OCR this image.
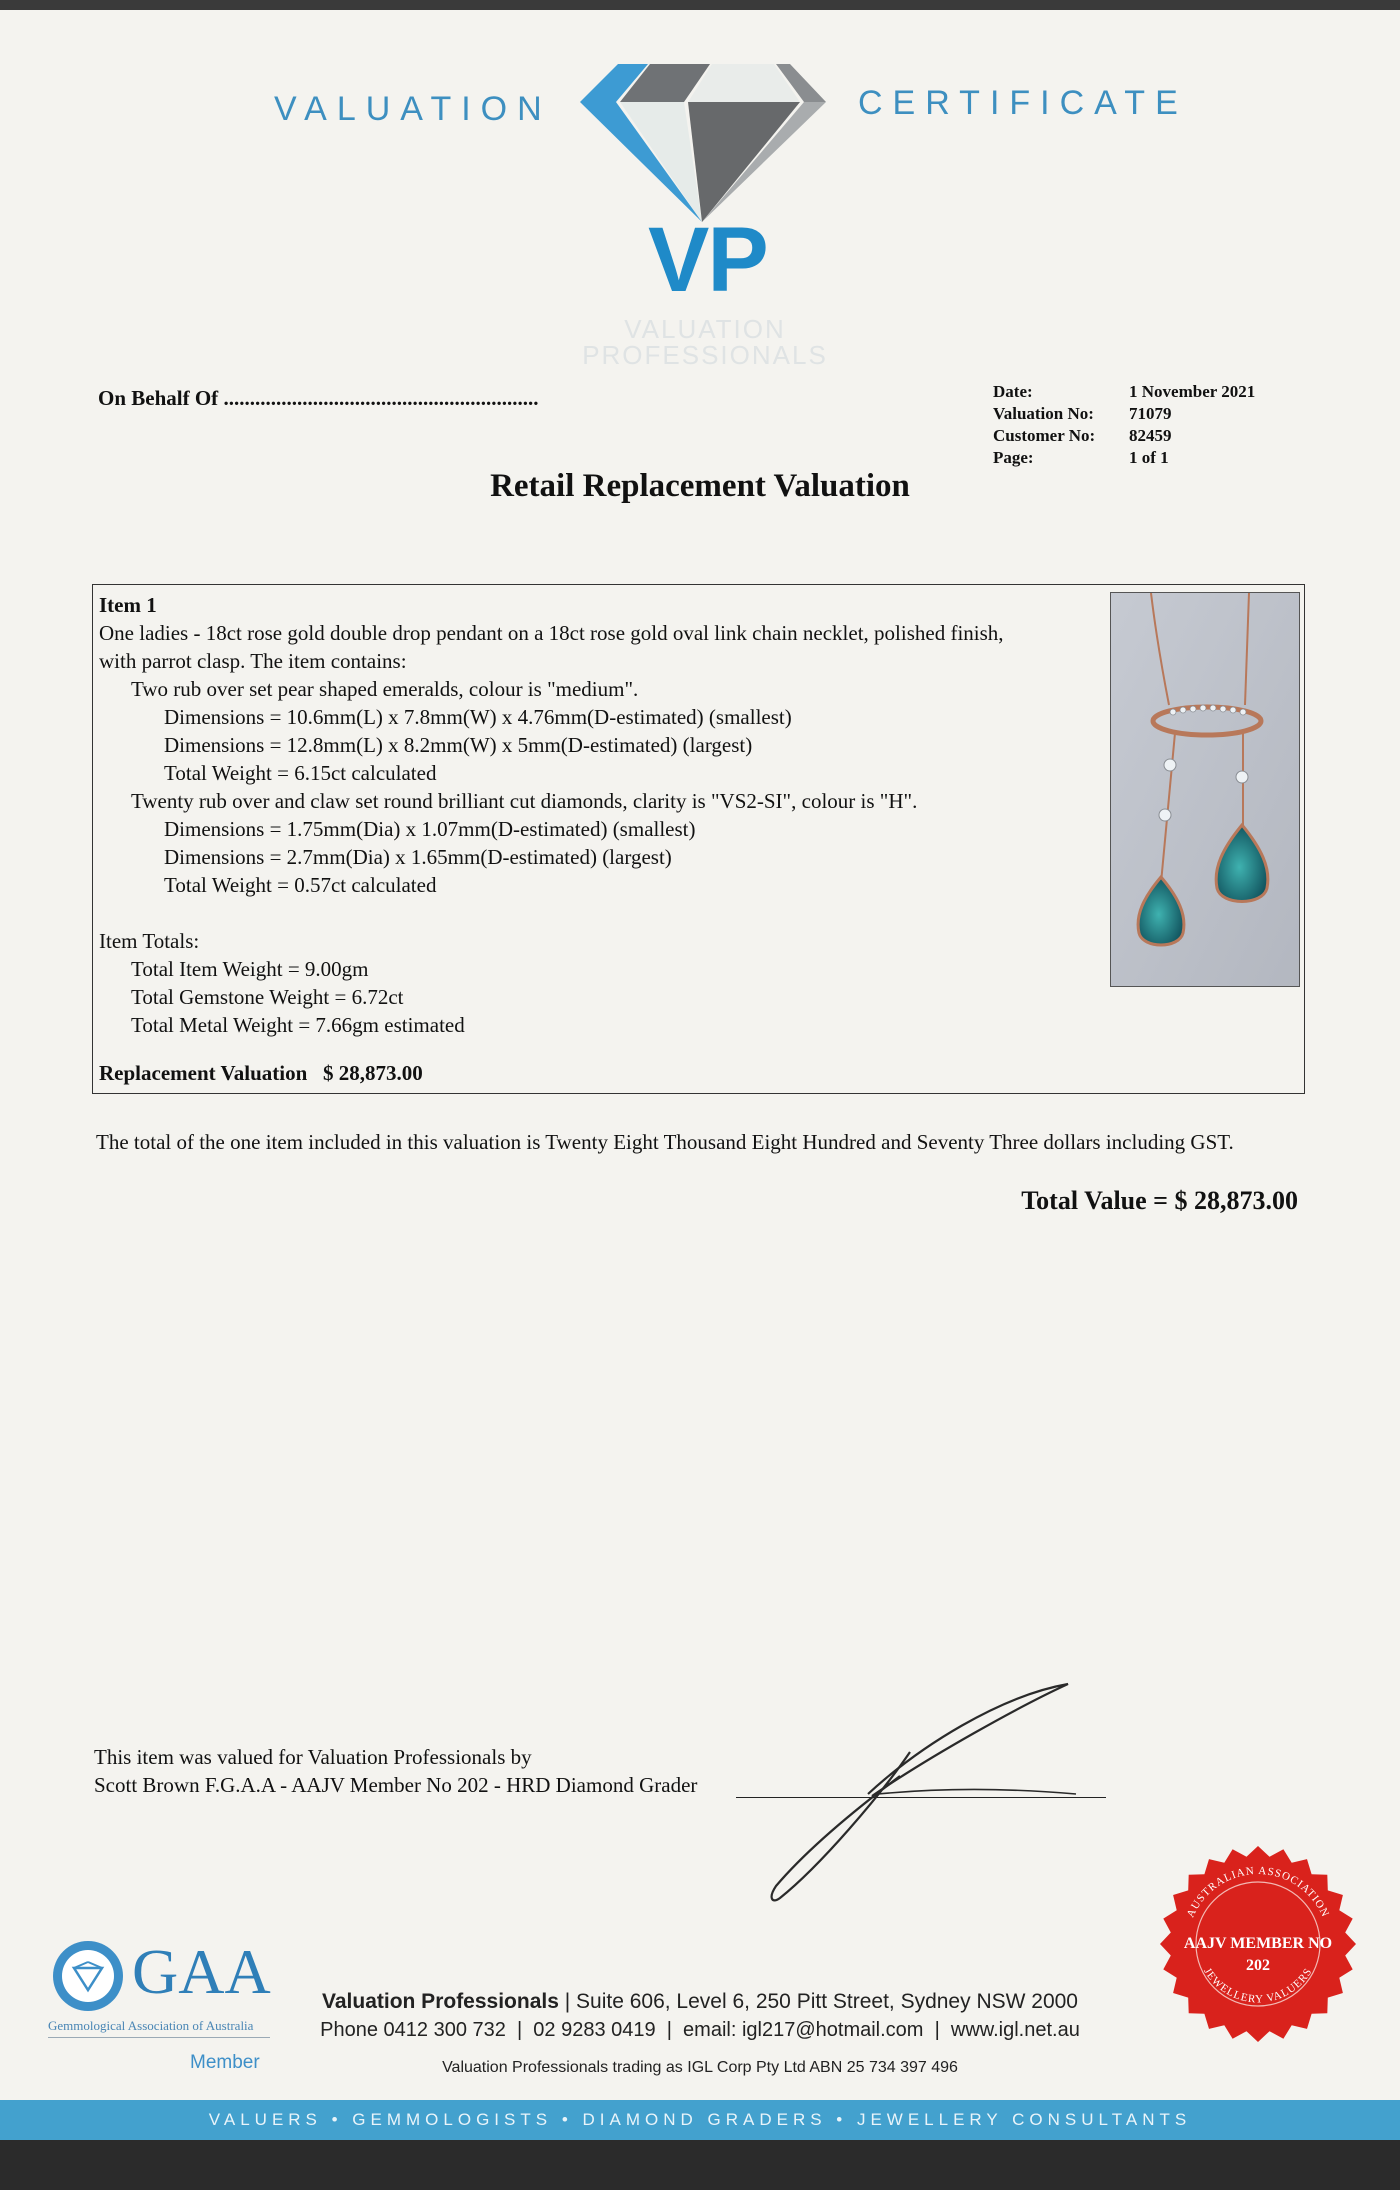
VALUATION	CERTIFICATE
VP
VALUATION
PROFESSIONALS
On Behalf Of ............................................................	Date:	1 November 2021
Valuation No: 71079
Customer No: 82459
Page:	1 of 1
Retail Replacement Valuation
Item 1
One ladies - 18ct rose gold double drop pendant on a 18ct rose gold oval link chain necklet, polished finish,
with parrot clasp. The item contains:
Two rub over set pear shaped emeralds, colour is "medium".
Dimensions = 10.6mm(L) x 7.8mm(W) x 4.76mm(D-estimated) (smallest)
Dimensions = 12.8mm(L) x 8.2mm(W) x 5mm(D-estimated) (largest)
Total Weight = 6.15ct calculated
Twenty rub over and claw set round brilliant cut diamonds, clarity is "VS2-SI", colour is "H".
Dimensions = 1.75mm(Dia) x 1.07mm(D-estimated) (smallest)
Dimensions = 2.7mm(Dia) x 1.65mm(D-estimated) (largest)
Total Weight = 0.57ct calculated
Item Totals:
Total Item Weight = 9.00gm
Total Gemstone Weight = 6.72ct
Total Metal Weight = 7.66gm estimated
Replacement Valuation $ 28,873.00
The total of the one item included in this valuation is Twenty Eight Thousand Eight Hundred and Seventy Three dollars including GST.
Total Value = $ 28,873.00
This item was valued for Valuation Professionals by
Scott Brown F.G.A.A - AAJV Member No 202 - HRD Diamond Grader
GAA
Gemmological Association of Australia
Member
Valuation Professionals | Suite 606, Level 6, 250 Pitt Street, Sydney NSW 2000
Phone 0412 300 732  |  02 9283 0419  |  email: igl217@hotmail.com  |  www.igl.net.au
Valuation Professionals trading as IGL Corp Pty Ltd ABN 25 734 397 496
AUSTRALIAN ASSOCIATION
JEWELLERY VALUERS
AAJV MEMBER NO
202
VALUERS • GEMMOLOGISTS • DIAMOND GRADERS • JEWELLERY CONSULTANTS
